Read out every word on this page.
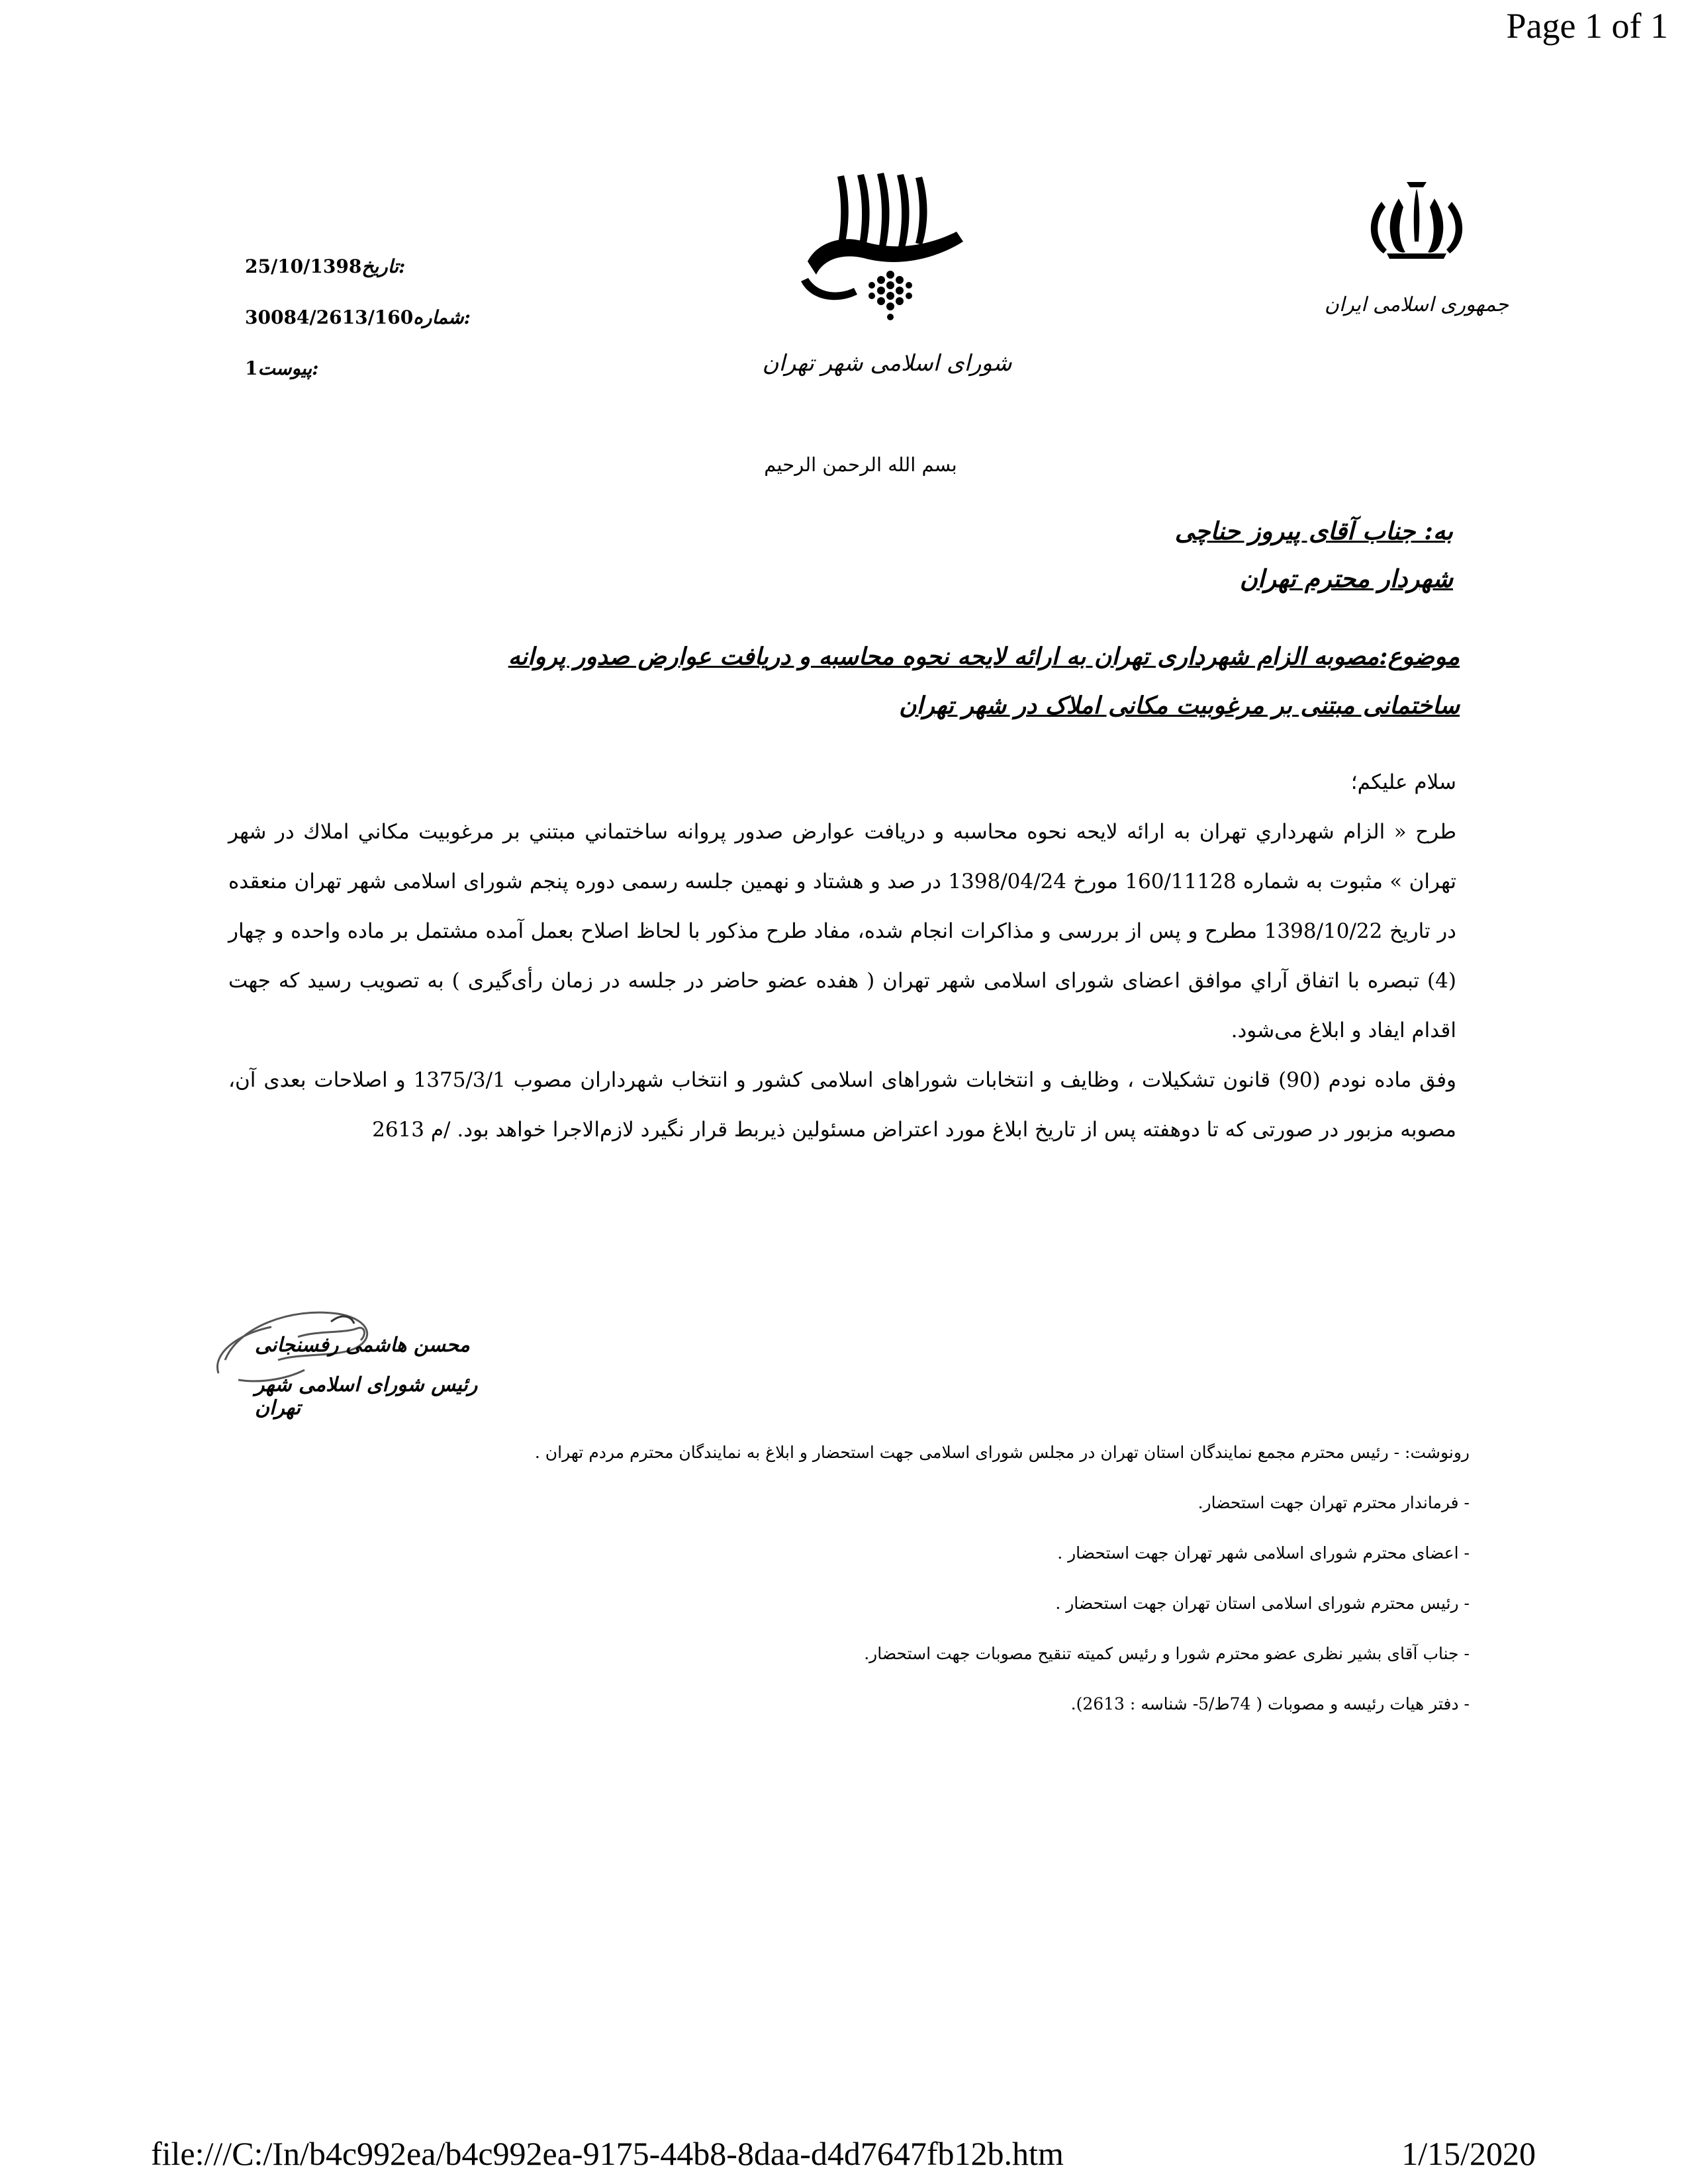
Page 1 of 1
جمهوری اسلامی ایران
شورای اسلامی شهر تهران
25/10/1398 تاریخ:
30084/2613/160 شماره:
1 پیوست:
بسم الله الرحمن الرحیم
به: جناب آقای پیروز حناچی
شهردار محترم تهران
موضوع:مصوبه الزام شهرداری تهران به ارائه لایحه نحوه محاسبه و دریافت عوارض صدور پروانه
ساختمانی مبتنی بر مرغوبیت مکانی املاک در شهر تهران

سلام علیکم؛

طرح « الزام شهرداري تهران به ارائه لايحه نحوه محاسبه و دريافت عوارض صدور پروانه ساختماني مبتني بر مرغوبيت مكاني املاك در شهر تهران » مثبوت به شماره 160/11128 مورخ 1398/04/24 در صد و هشتاد و نهمین جلسه رسمی دوره پنجم شورای اسلامی شهر تهران منعقده در تاریخ 1398/10/22 مطرح و پس از بررسی و مذاکرات انجام شده، مفاد طرح مذكور با لحاظ اصلاح بعمل آمده مشتمل بر ماده واحده و چهار (4) تبصره با اتفاق آراي موافق اعضای شورای اسلامی شهر تهران ( هفده عضو حاضر در جلسه در زمان رأی‌گیری ) به تصویب رسید كه جهت اقدام ایفاد و ابلاغ می‌شود.

وفق ماده نودم (90) قانون تشکیلات ، وظایف و انتخابات شوراهای اسلامی کشور و انتخاب شهرداران مصوب 1375/3/1 و اصلاحات بعدی آن، مصوبه مزبور در صورتی که تا دوهفته پس از تاریخ ابلاغ مورد اعتراض مسئولین ذیربط قرار نگیرد لازم‌الاجرا خواهد بود. /م 2613

محسن هاشمی رفسنجانی
رئیس شورای اسلامی شهر تهران
رونوشت: - رئیس محترم مجمع نمایندگان استان تهران در مجلس شورای اسلامی جهت استحضار و ابلاغ به نمایندگان محترم مردم تهران .
- فرماندار محترم تهران جهت استحضار.
- اعضای محترم شورای اسلامی شهر تهران جهت استحضار .
- رئیس محترم شورای اسلامی استان تهران جهت استحضار .
- جناب آقای بشیر نظری عضو محترم شورا و رئیس کمیته تنقیح مصوبات جهت استحضار.
- دفتر هیات رئیسه و مصوبات ( 74ط/5- شناسه : 2613).
file:///C:/In/b4c992ea/b4c992ea-9175-44b8-8daa-d4d7647fb12b.htm	1/15/2020
